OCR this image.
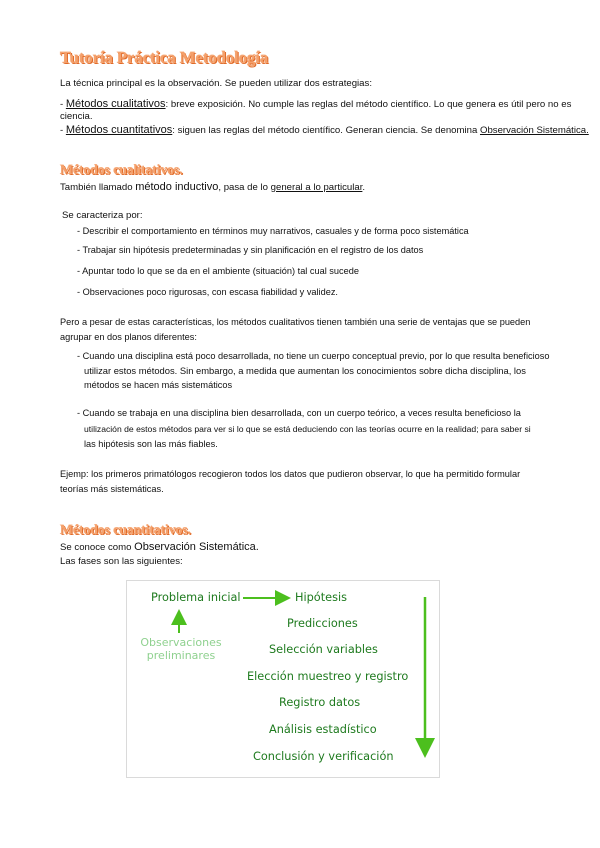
Tutoría Práctica Metodología
La técnica principal es la observación. Se pueden utilizar dos estrategias:
- Métodos cualitativos: breve exposición. No cumple las reglas del método científico. Lo que genera es útil pero no es
ciencia.
- Métodos cuantitativos: siguen las reglas del método científico. Generan ciencia. Se denomina Observación Sistemática.
Métodos cualitativos.
También llamado método inductivo, pasa de lo general a lo particular.
Se caracteriza por:
- Describir el comportamiento en términos muy narrativos, casuales y de forma poco sistemática
- Trabajar sin hipótesis predeterminadas y sin planificación en el registro de los datos
- Apuntar todo lo que se da en el ambiente (situación) tal cual sucede
- Observaciones poco rigurosas, con escasa fiabilidad y validez.
Pero a pesar de estas características, los métodos cualitativos tienen también una serie de ventajas que se pueden
agrupar en dos planos diferentes:
- Cuando una disciplina está poco desarrollada, no tiene un cuerpo conceptual previo, por lo que resulta beneficioso
utilizar estos métodos. Sin embargo, a medida que aumentan los conocimientos sobre dicha disciplina, los
métodos se hacen más sistemáticos
- Cuando se trabaja en una disciplina bien desarrollada, con un cuerpo teórico, a veces resulta beneficioso la
utilización de estos métodos para ver si lo que se está deduciendo con las teorías ocurre en la realidad; para saber si
las hipótesis son las más fiables.
Ejemp: los primeros primatólogos recogieron todos los datos que pudieron observar, lo que ha permitido formular
teorías más sistemáticas.
Métodos cuantitativos.
Se conoce como Observación Sistemática.
Las fases son las siguientes:
Problema inicial
Observaciones
preliminares
Hipótesis
Predicciones
Selección variables
Elección muestreo y registro
Registro datos
Análisis estadístico
Conclusión y verificación
